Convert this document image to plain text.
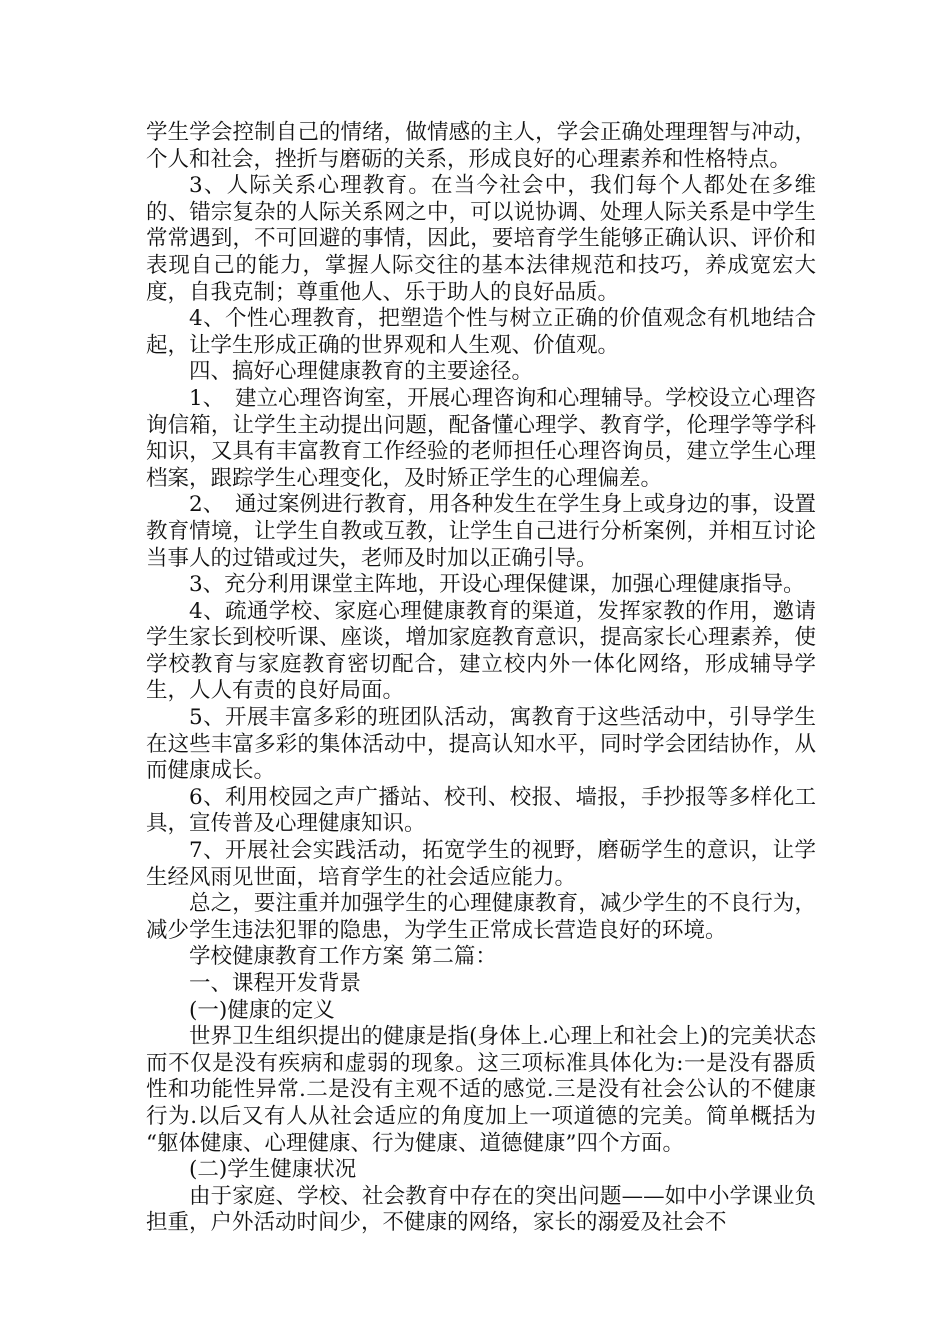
学生学会控制自己的情绪，做情感的主人，学会正确处理理智与冲动，个人和社会，挫折与磨砺的关系，形成良好的心理素养和性格特点。

3、人际关系心理教育。在当今社会中，我们每个人都处在多维的、错宗复杂的人际关系网之中，可以说协调、处理人际关系是中学生常常遇到，不可回避的事情，因此，要培育学生能够正确认识、评价和表现自己的能力，掌握人际交往的基本法律规范和技巧，养成宽宏大度，自我克制；尊重他人、乐于助人的良好品质。

4、个性心理教育，把塑造个性与树立正确的价值观念有机地结合起，让学生形成正确的世界观和人生观、价值观。

四、搞好心理健康教育的主要途径。

1、　建立心理咨询室，开展心理咨询和心理辅导。学校设立心理咨询信箱，让学生主动提出问题，配备懂心理学、教育学，伦理学等学科知识，又具有丰富教育工作经验的老师担任心理咨询员，建立学生心理档案，跟踪学生心理变化，及时矫正学生的心理偏差。

2、　通过案例进行教育，用各种发生在学生身上或身边的事，设置教育情境，让学生自教或互教，让学生自己进行分析案例，并相互讨论当事人的过错或过失，老师及时加以正确引导。

3、充分利用课堂主阵地，开设心理保健课，加强心理健康指导。

4、疏通学校、家庭心理健康教育的渠道，发挥家教的作用，邀请学生家长到校听课、座谈，增加家庭教育意识，提高家长心理素养，使学校教育与家庭教育密切配合，建立校内外一体化网络，形成辅导学生，人人有责的良好局面。

5、开展丰富多彩的班团队活动，寓教育于这些活动中，引导学生在这些丰富多彩的集体活动中，提高认知水平，同时学会团结协作，从而健康成长。

6、利用校园之声广播站、校刊、校报、墙报，手抄报等多样化工具，宣传普及心理健康知识。

7、开展社会实践活动，拓宽学生的视野，磨砺学生的意识，让学生经风雨见世面，培育学生的社会适应能力。

总之，要注重并加强学生的心理健康教育，减少学生的不良行为，减少学生违法犯罪的隐患，为学生正常成长营造良好的环境。

学校健康教育工作方案 第二篇：

一、课程开发背景

(一)健康的定义

世界卫生组织提出的健康是指(身体上.心理上和社会上)的完美状态而不仅是没有疾病和虚弱的现象。这三项标准具体化为:一是没有器质性和功能性异常.二是没有主观不适的感觉.三是没有社会公认的不健康行为.以后又有人从社会适应的角度加上一项道德的完美。简单概括为 “躯体健康、心理健康、行为健康、道德健康”四个方面。

(二)学生健康状况

由于家庭、学校、社会教育中存在的突出问题——如中小学课业负担重，户外活动时间少，不健康的网络，家长的溺爱及社会不
